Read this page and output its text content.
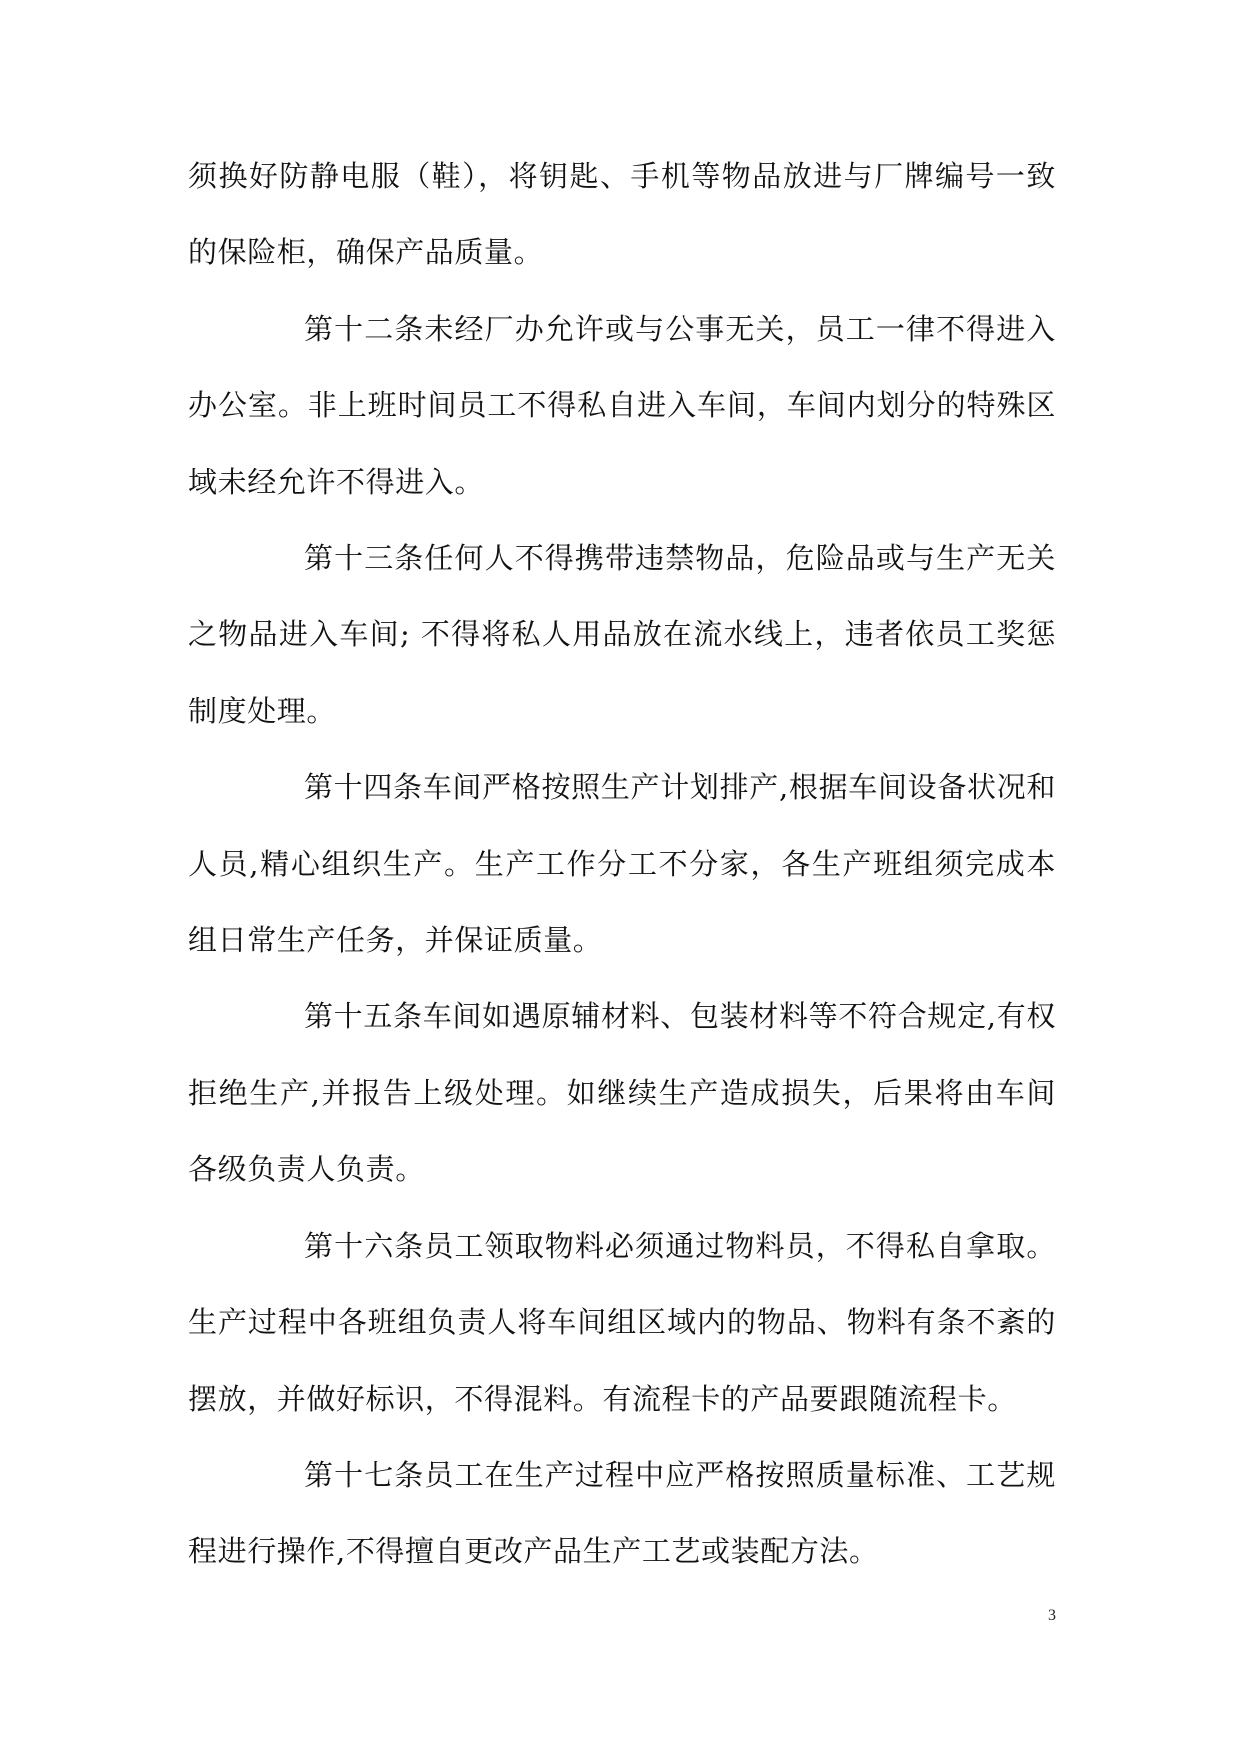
须换好防静电服（鞋），将钥匙、手机等物品放进与厂牌编号一致的保险柜，确保产品质量。

第十二条未经厂办允许或与公事无关，员工一律不得进入办公室。非上班时间员工不得私自进入车间，车间内划分的特殊区域未经允许不得进入。

第十三条任何人不得携带违禁物品，危险品或与生产无关之物品进入车间; 不得将私人用品放在流水线上，违者依员工奖惩制度处理。

第十四条车间严格按照生产计划排产,根据车间设备状况和人员,精心组织生产。生产工作分工不分家，各生产班组须完成本组日常生产任务，并保证质量。

第十五条车间如遇原辅材料、包装材料等不符合规定,有权拒绝生产,并报告上级处理。如继续生产造成损失，后果将由车间各级负责人负责。

第十六条员工领取物料必须通过物料员，不得私自拿取。生产过程中各班组负责人将车间组区域内的物品、物料有条不紊的摆放，并做好标识，不得混料。有流程卡的产品要跟随流程卡。

第十七条员工在生产过程中应严格按照质量标准、工艺规程进行操作,不得擅自更改产品生产工艺或装配方法。

3
